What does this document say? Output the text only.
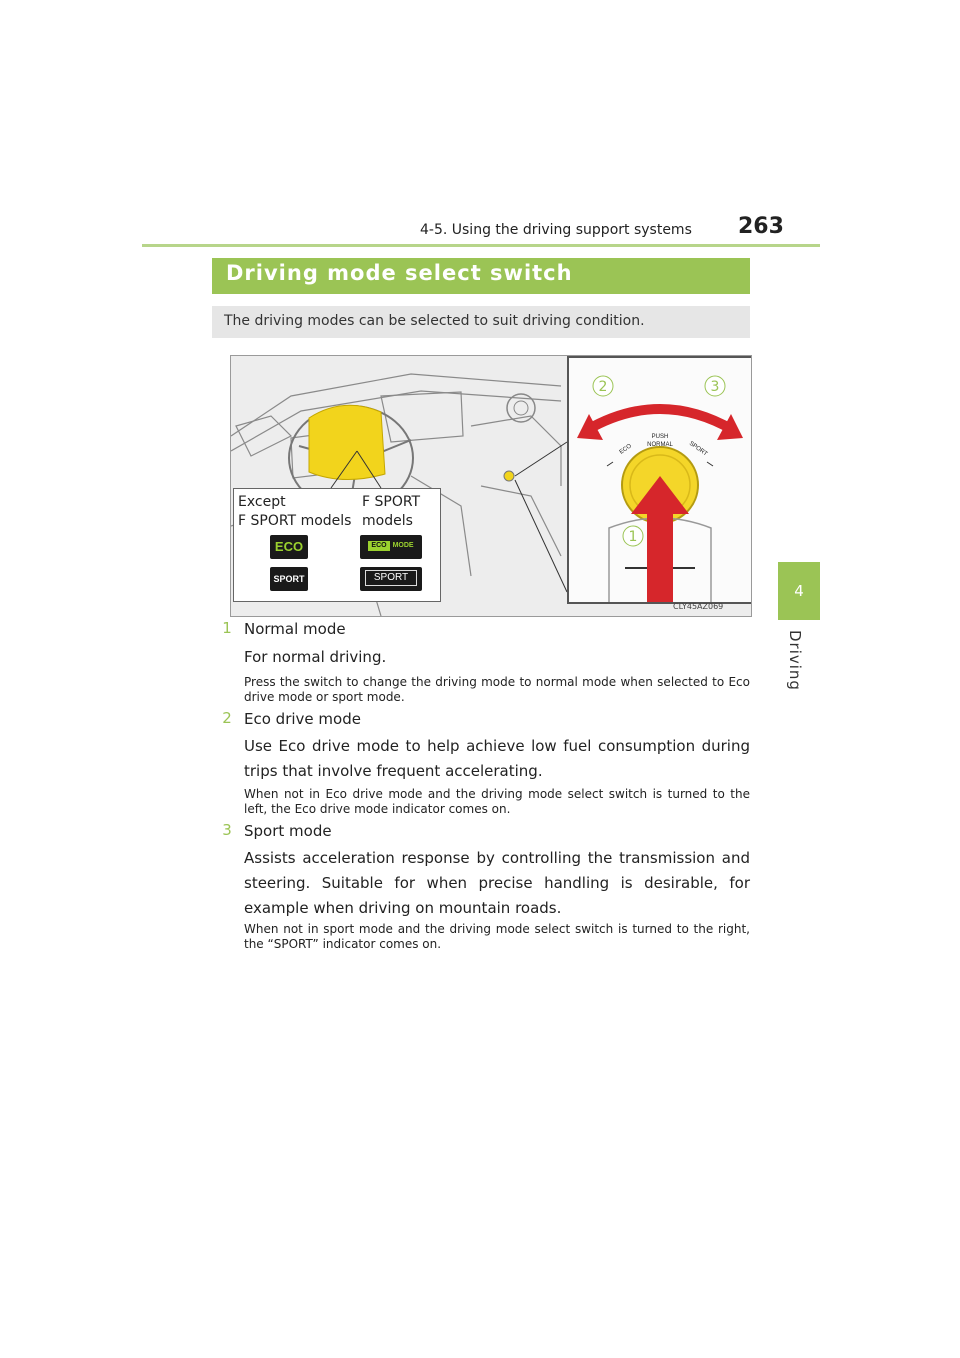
4-5. Using the driving support systems 263
4
Driving
Driving mode select switch
The driving modes can be selected to suit driving condition.
PUSH
NORMAL
ECO	SPORT
2	3
1
Except
F SPORT models
F SPORT
models
ECO
SPORT
ECO MODE
SPORT
CLY45AZ069
1 Normal mode
For normal driving.
Press the switch to change the driving mode to normal mode when selected to Eco drive mode or sport mode.
2 Eco drive mode
Use Eco drive mode to help achieve low fuel consumption during trips that involve frequent accelerating.
When not in Eco drive mode and the driving mode select switch is turned to the left, the Eco drive mode indicator comes on.
3 Sport mode
Assists acceleration response by controlling the transmission and steering. Suitable for when precise handling is desirable, for example when driving on mountain roads.
When not in sport mode and the driving mode select switch is turned to the right, the “SPORT” indicator comes on.
